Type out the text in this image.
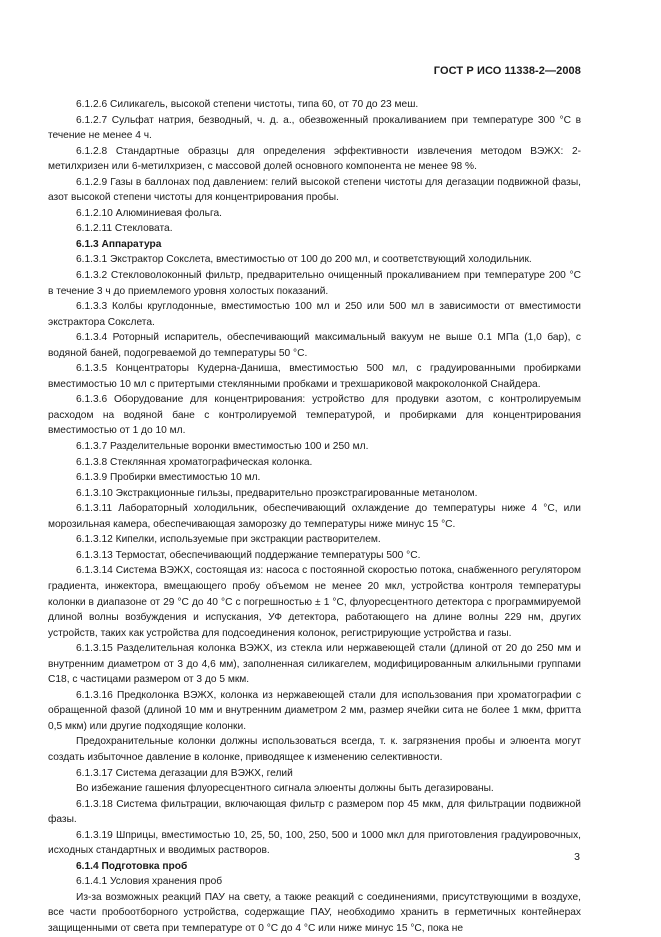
ГОСТ Р ИСО 11338-2—2008

6.1.2.6 Силикагель, высокой степени чистоты, типа 60, от 70 до 23 меш.

6.1.2.7 Сульфат натрия, безводный, ч. д. а., обезвоженный прокаливанием при температуре 300 °С в течение не менее 4 ч.

6.1.2.8 Стандартные образцы для определения эффективности извлечения методом ВЭЖХ: 2-метилхризен или 6-метилхризен, с массовой долей основного компонента не менее 98 %.

6.1.2.9 Газы в баллонах под давлением: гелий высокой степени чистоты для дегазации подвижной фазы, азот высокой степени чистоты для концентрирования пробы.

6.1.2.10 Алюминиевая фольга.

6.1.2.11 Стекловата.

6.1.3 Аппаратура

6.1.3.1 Экстрактор Сокслета, вместимостью от 100 до 200 мл, и соответствующий холодильник.

6.1.3.2 Стекловолоконный фильтр, предварительно очищенный прокаливанием при температуре 200 °С в течение 3 ч до приемлемого уровня холостых показаний.

6.1.3.3 Колбы круглодонные, вместимостью 100 мл и 250 или 500 мл в зависимости от вместимости экстрактора Сокслета.

6.1.3.4 Роторный испаритель, обеспечивающий максимальный вакуум не выше 0.1 МПа (1,0 бар), с водяной баней, подогреваемой до температуры 50 °С.

6.1.3.5 Концентраторы Кудерна-Даниша, вместимостью 500 мл, с градуированными пробирками вместимостью 10 мл с притертыми стеклянными пробками и трехшариковой макроколонкой Снайдера.

6.1.3.6 Оборудование для концентрирования: устройство для продувки азотом, с контролируемым расходом на водяной бане с контролируемой температурой, и пробирками для концентрирования вместимостью от 1 до 10 мл.

6.1.3.7 Разделительные воронки вместимостью 100 и 250 мл.

6.1.3.8 Стеклянная хроматографическая колонка.

6.1.3.9 Пробирки вместимостью 10 мл.

6.1.3.10 Экстракционные гильзы, предварительно проэкстрагированные метанолом.

6.1.3.11 Лабораторный холодильник, обеспечивающий охлаждение до температуры ниже 4 °С, или морозильная камера, обеспечивающая заморозку до температуры ниже минус 15 °С.

6.1.3.12 Кипелки, используемые при экстракции растворителем.

6.1.3.13 Термостат, обеспечивающий поддержание температуры 500 °С.

6.1.3.14 Система ВЭЖХ, состоящая из: насоса с постоянной скоростью потока, снабженного регулятором градиента, инжектора, вмещающего пробу объемом не менее 20 мкл, устройства контроля температуры колонки в диапазоне от 29 °С до 40 °С с погрешностью ± 1 °С, флуоресцентного детектора с программируемой длиной волны возбуждения и испускания, УФ детектора, работающего на длине волны 229 нм, других устройств, таких как устройства для подсоединения колонок, регистрирующие устройства и газы.

6.1.3.15 Разделительная колонка ВЭЖХ, из стекла или нержавеющей стали (длиной от 20 до 250 мм и внутренним диаметром от 3 до 4,6 мм), заполненная силикагелем, модифицированным алкильными группами С18, с частицами размером от 3 до 5 мкм.

6.1.3.16 Предколонка ВЭЖХ, колонка из нержавеющей стали для использования при хроматографии с обращенной фазой (длиной 10 мм и внутренним диаметром 2 мм, размер ячейки сита не более 1 мкм, фритта 0,5 мкм) или другие подходящие колонки.

Предохранительные колонки должны использоваться всегда, т. к. загрязнения пробы и элюента могут создать избыточное давление в колонке, приводящее к изменению селективности.

6.1.3.17 Система дегазации для ВЭЖХ, гелий

Во избежание гашения флуоресцентного сигнала элюенты должны быть дегазированы.

6.1.3.18 Система фильтрации, включающая фильтр с размером пор 45 мкм, для фильтрации подвижной фазы.

6.1.3.19 Шприцы, вместимостью 10, 25, 50, 100, 250, 500 и 1000 мкл для приготовления градуировочных, исходных стандартных и вводимых растворов.

6.1.4 Подготовка проб

6.1.4.1 Условия хранения проб

Из-за возможных реакций ПАУ на свету, а также реакций с соединениями, присутствующими в воздухе, все части пробоотборного устройства, содержащие ПАУ, необходимо хранить в герметичных контейнерах защищенными от света при температуре от 0 °С до 4 °С или ниже минус 15 °С, пока не

3
